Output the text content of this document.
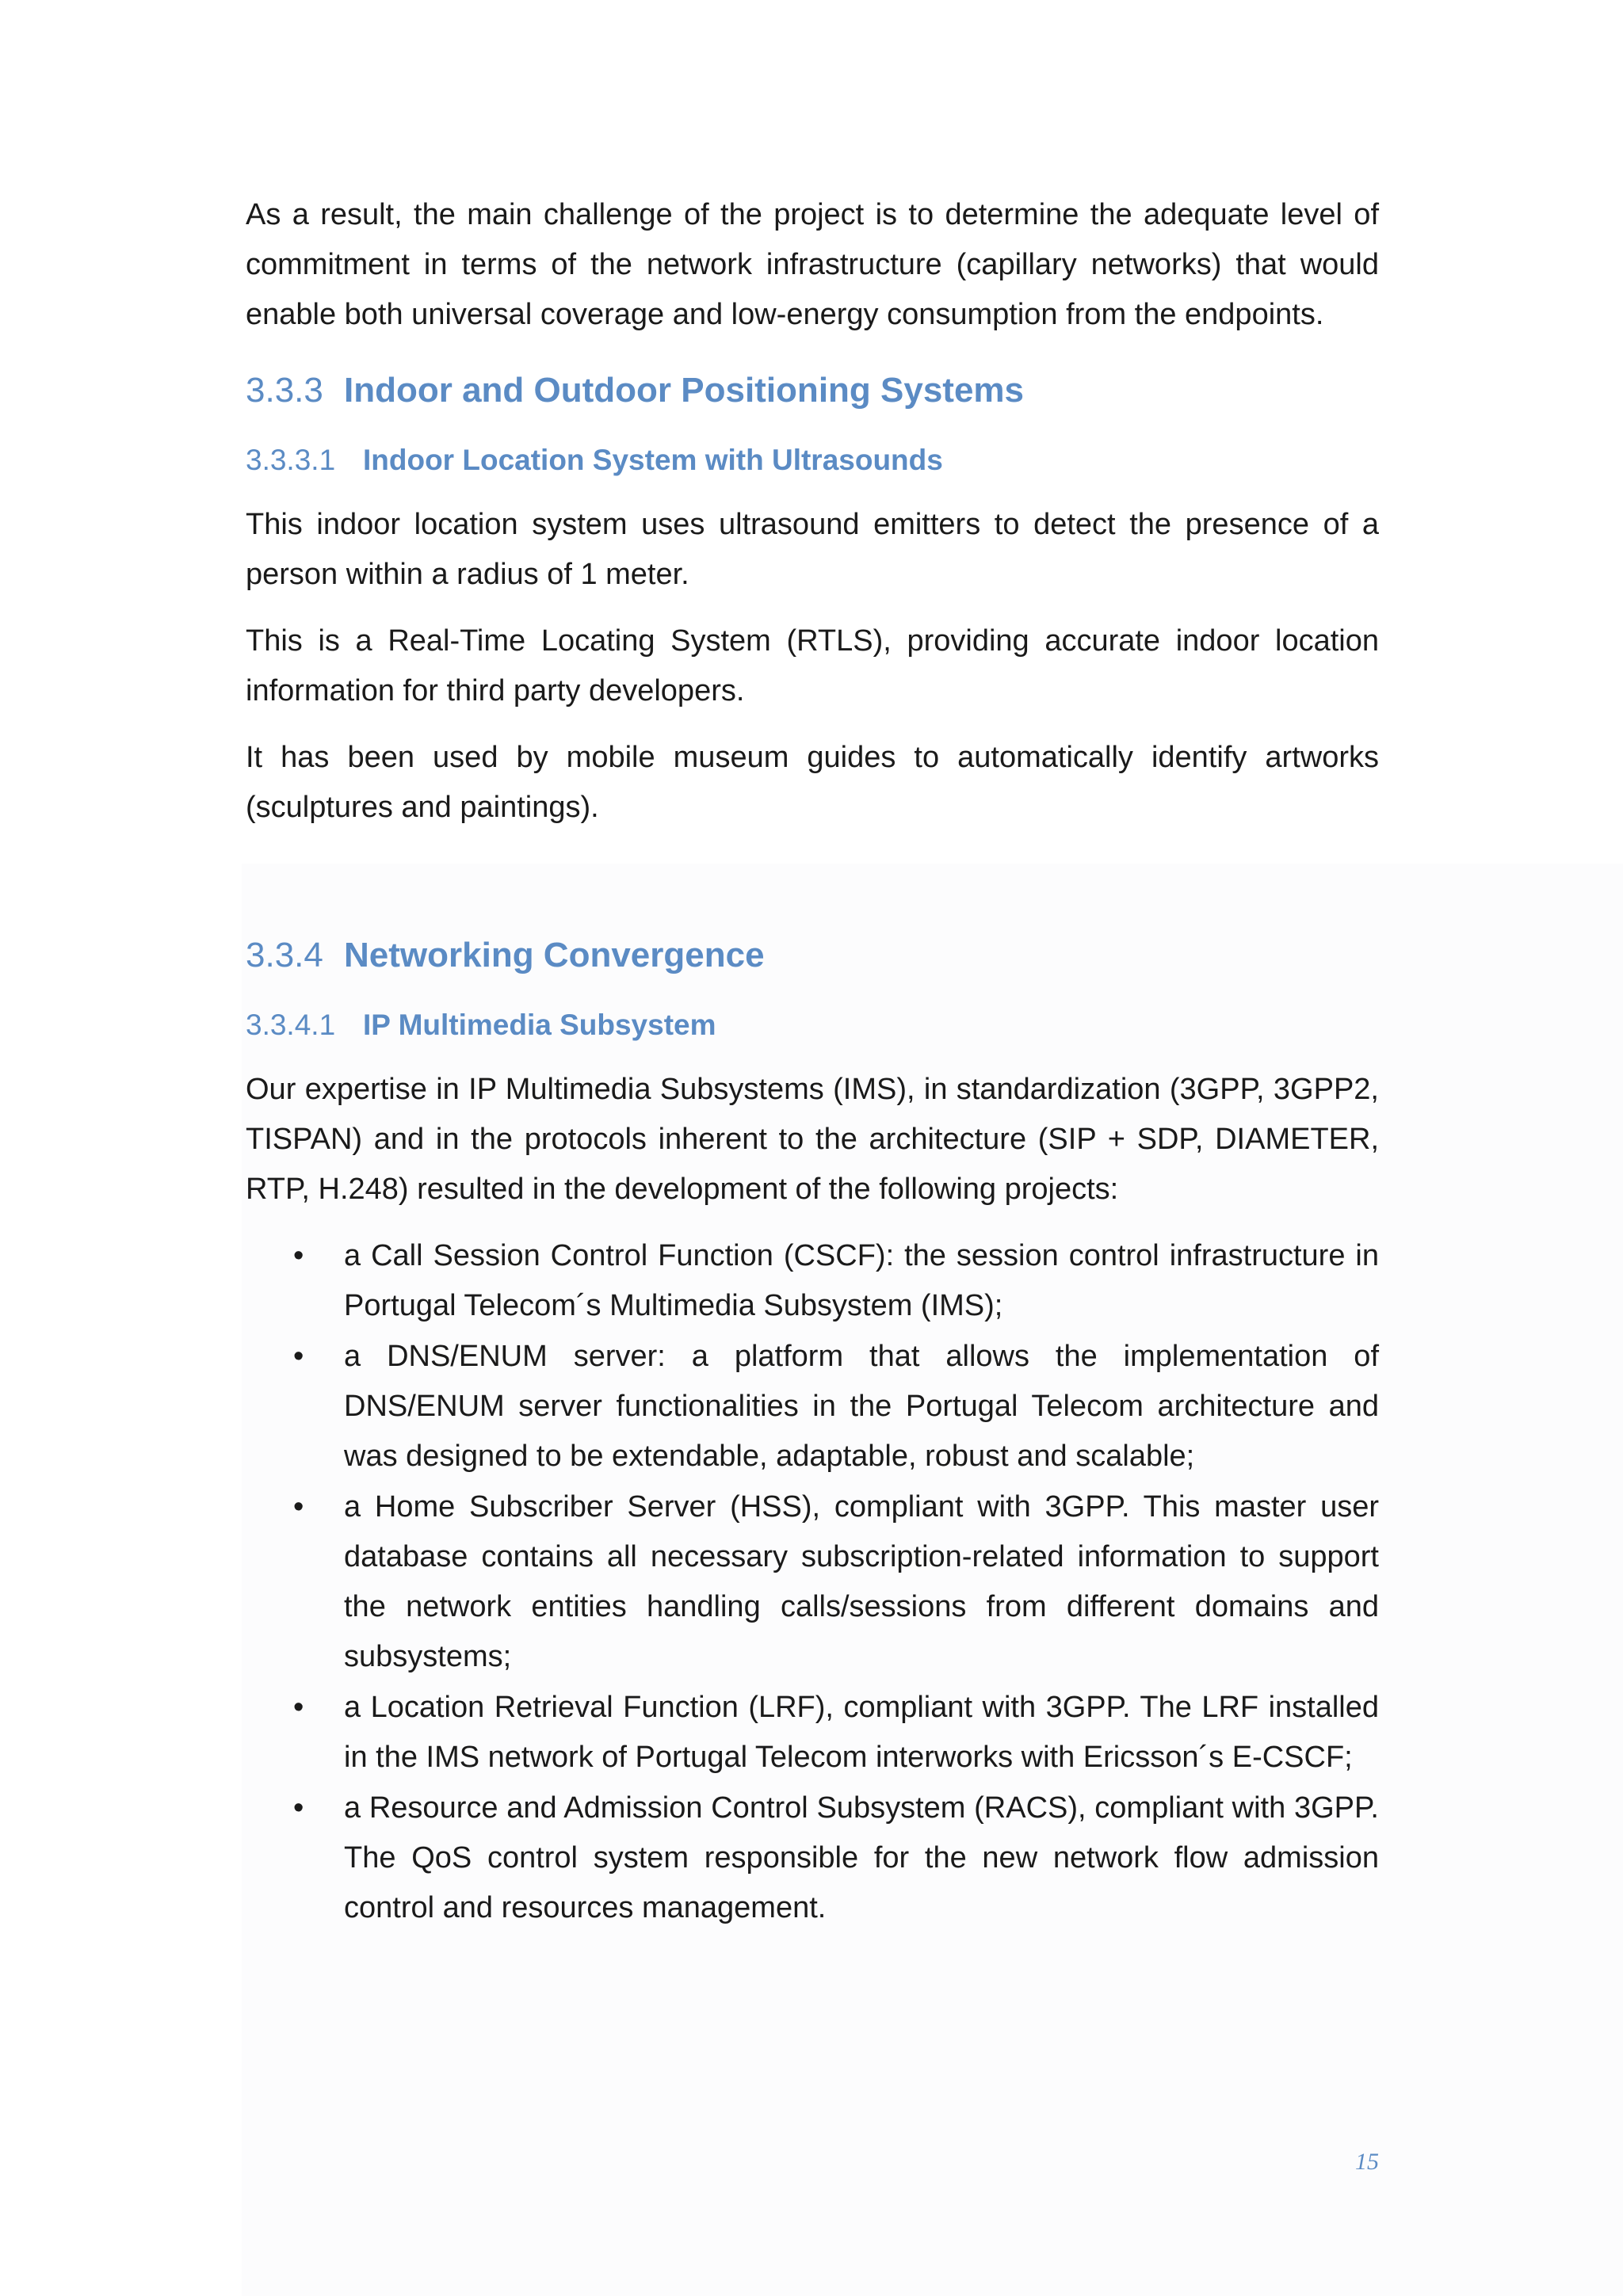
As a result, the main challenge of the project is to determine the adequate level of commitment in terms of the network infrastructure (capillary networks) that would enable both universal coverage and low-energy consumption from the endpoints.

3.3.3 Indoor and Outdoor Positioning Systems
3.3.3.1 Indoor Location System with Ultrasounds

This indoor location system uses ultrasound emitters to detect the presence of a person within a radius of 1 meter.

This is a Real-Time Locating System (RTLS), providing accurate indoor location information for third party developers.

It has been used by mobile museum guides to automatically identify artworks (sculptures and paintings).

3.3.4 Networking Convergence
3.3.4.1 IP Multimedia Subsystem

Our expertise in IP Multimedia Subsystems (IMS), in standardization (3GPP, 3GPP2, TISPAN) and in the protocols inherent to the architecture (SIP + SDP, DIAMETER, RTP, H.248) resulted in the development of the following projects:

•	a Call Session Control Function (CSCF): the session control infrastructure in Portugal Telecom´s Multimedia Subsystem (IMS);
•	a DNS/ENUM server: a platform that allows the implementation of DNS/ENUM server functionalities in the Portugal Telecom architecture and was designed to be extendable, adaptable, robust and scalable;
•	a Home Subscriber Server (HSS), compliant with 3GPP. This master user database contains all necessary subscription-related information to support the network entities handling calls/sessions from different domains and subsystems;
•	a Location Retrieval Function (LRF), compliant with 3GPP. The LRF installed in the IMS network of Portugal Telecom interworks with Ericsson´s E-CSCF;
•	a Resource and Admission Control Subsystem (RACS), compliant with 3GPP. The QoS control system responsible for the new network flow admission control and resources management.
15
